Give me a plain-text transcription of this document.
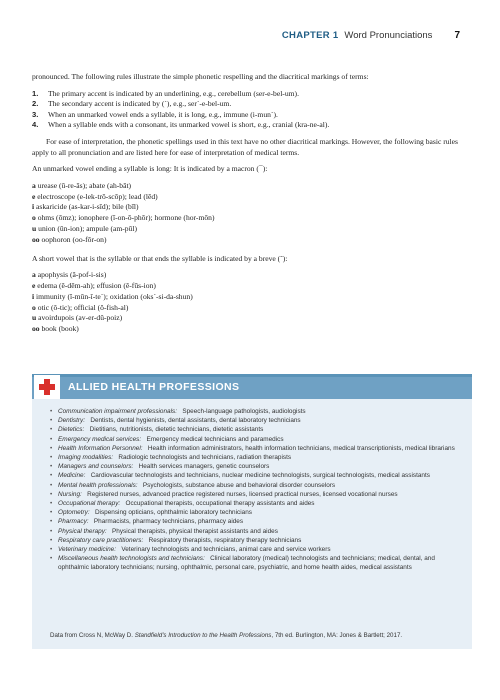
CHAPTER 1 Word Pronunciations 7

pronounced. The following rules illustrate the simple phonetic respelling and the diacritical markings of terms:

1.	The primary accent is indicated by an underlining, e.g., cerebellum (ser-e-bel-um).
2.	The secondary accent is indicated by (ˊ), e.g., ser´-e-bel-um.
3.	When an unmarked vowel ends a syllable, it is long, e.g., immune (i-mun´).
4.	When a syllable ends with a consonant, its unmarked vowel is short, e.g., cranial (kra-ne-al).

For ease of interpretation, the phonetic spellings used in this text have no other diacritical markings. However, the following basic rules apply to all pronunciation and are listed here for ease of interpretation of medical terms.

An unmarked vowel ending a syllable is long: It is indicated by a macron (¯):

a urease (ū-re-ās); abate (ah-bāt)
e electroscope (e-lek-trō-scōp); lead (lēd)
i askaricide (as-kar-i-sīd); bile (bīl)
o ohms (ōmz); ionophere (ī-on-ō-phōr); hormone (hor-mōn)
u union (ūn-ion); ampule (am-pūl)
oo oophoron (oo-fōr-on)

A short vowel that is the syllable or that ends the syllable is indicated by a breve (˘):

a apophysis (ă-pof-i-sis)
e edema (ĕ-dēm-ah); effusion (ĕ-fūs-ion)
i immunity (ĭ-mūn-ĭ-te´); oxidation (oks´-si-da-shun)
o otic (ŏ-tic); official (ŏ-fish-al)
u avoirdupois (av-er-dŭ-poiz)
oo book (book)
ALLIED HEALTH PROFESSIONS
• Communication impairment professionals: Speech-language pathologists, audiologists
• Dentistry: Dentists, dental hygienists, dental assistants, dental laboratory technicians
• Dietetics: Dietitians, nutritionists, dietetic technicians, dietetic assistants
• Emergency medical services: Emergency medical technicians and paramedics
• Health Information Personnel: Health information administrators, health information technicians, medical transcriptionists, medical librarians
• Imaging modalities: Radiologic technologists and technicians, radiation therapists
• Managers and counselors: Health services managers, genetic counselors
• Medicine: Cardiovascular technologists and technicians, nuclear medicine technologists, surgical technologists, medical assistants
• Mental health professionals: Psychologists, substance abuse and behavioral disorder counselors
• Nursing: Registered nurses, advanced practice registered nurses, licensed practical nurses, licensed vocational nurses
• Occupational therapy: Occupational therapists, occupational therapy assistants and aides
• Optometry: Dispensing opticians, ophthalmic laboratory technicians
• Pharmacy: Pharmacists, pharmacy technicians, pharmacy aides
• Physical therapy: Physical therapists, physical therapist assistants and aides
• Respiratory care practitioners: Respiratory therapists, respiratory therapy technicians
• Veterinary medicine: Veterinary technologists and technicians, animal care and service workers
• Miscellaneous health technologists and technicians: Clinical laboratory (medical) technologists and technicians; medical, dental, and ophthalmic laboratory technicians; nursing, ophthalmic, personal care, psychiatric, and home health aides, medical assistants
Data from Cross N, McWay D. Standfield's Introduction to the Health Professions, 7th ed. Burlington, MA: Jones & Bartlett; 2017.
